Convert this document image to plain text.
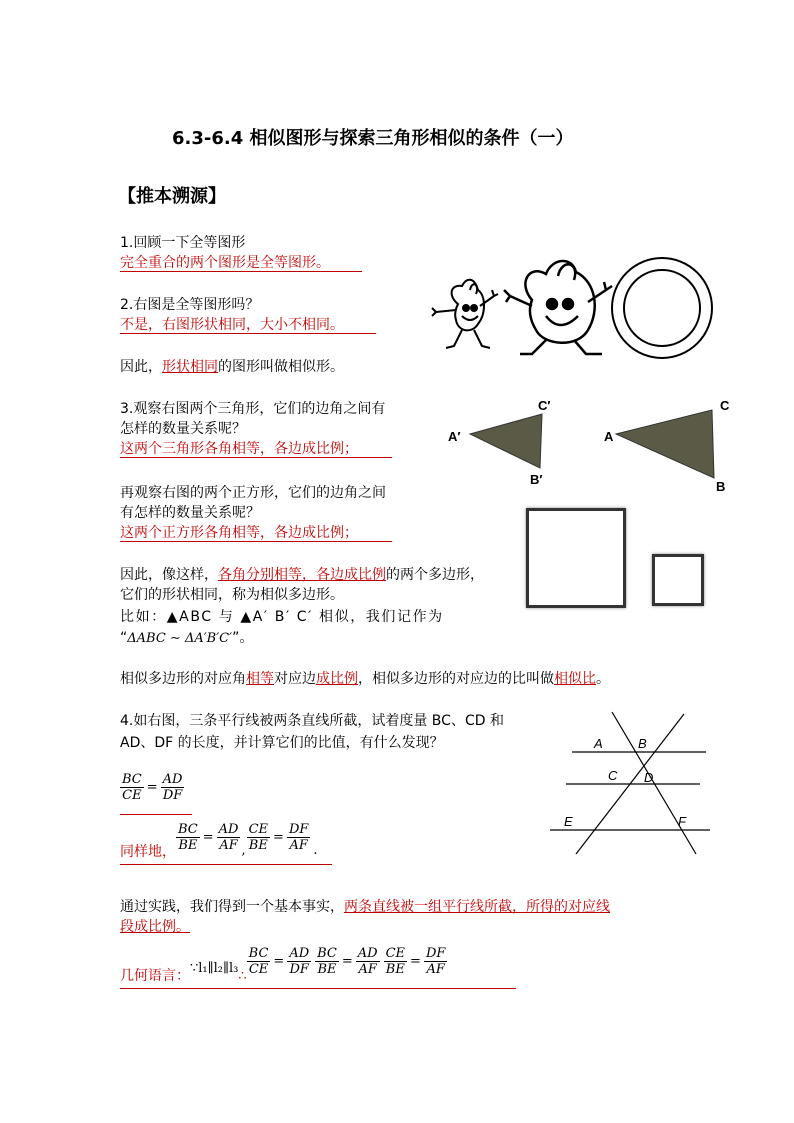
6.3-6.4 相似图形与探索三角形相似的条件（一）
【推本溯源】
1.回顾一下全等图形
完全重合的两个图形是全等图形。
2.右图是全等图形吗？
不是，右图形状相同，大小不相同。
因此，形状相同的图形叫做相似形。
3.观察右图两个三角形，它们的边角之间有
怎样的数量关系呢？
这两个三角形各角相等，各边成比例；
C′
A′
B′
C
A
B
再观察右图的两个正方形，它们的边角之间
有怎样的数量关系呢？
这两个正方形各角相等，各边成比例；
因此，像这样，各角分别相等，各边成比例的两个多边形，
它们的形状相同，称为相似多边形。
比如：▲ABC 与 ▲A′ B′ C′ 相似，我们记作为
“ΔABC ∼ ΔA′B′C′”。
相似多边形的对应角相等对应边成比例，相似多边形的对应边的比叫做相似比。
4.如右图，三条平行线被两条直线所截，试着度量 BC、CD 和
AD、DF 的长度，并计算它们的比值，有什么发现？
$\frac{BC}{CE} = \frac{AD}{DF}$
同样地， $\frac{BC}{BE} = \frac{AD}{AF} _, \frac{CE}{BE} = \frac{DF}{AF} _.$
A	B
C D
E	F
通过实践，我们得到一个基本事实，两条直线被一组平行线所截，所得的对应线
段成比例。
几何语言：$_{\because l_1\parallel l_2\parallel l_3\therefore} \frac{BC}{CE} = \frac{AD}{DF} \frac{BC}{BE} = \frac{AD}{AF} \frac{CE}{BE} = \frac{DF}{AF}$
